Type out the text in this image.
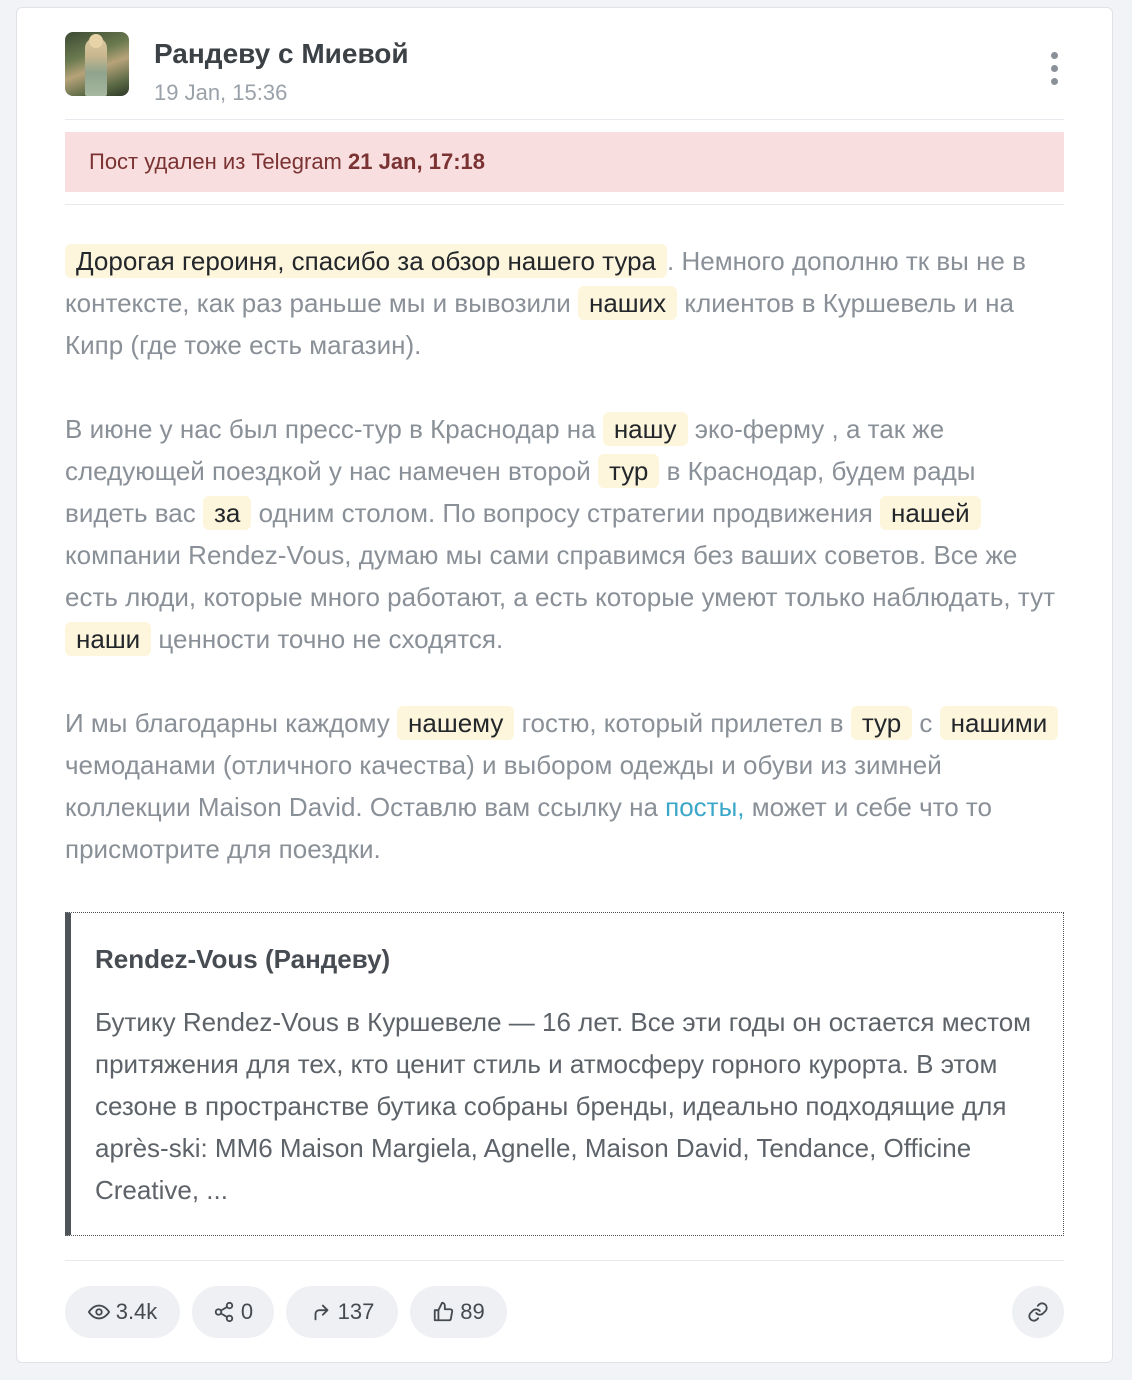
Рандеву с Миевой
19 Jan, 15:36
Пост удален из Telegram 21 Jan, 17:18

Дорогая героиня, спасибо за обзор нашего тура . Немного дополню тк вы не в контексте, как раз раньше мы и вывозили наших клиентов в Куршевель и на Кипр (где тоже есть магазин).

В июне у нас был пресс-тур в Краснодар на нашу эко-ферму , а так же следующей поездкой у нас намечен второй тур в Краснодар, будем рады видеть вас за одним столом. По вопросу стратегии продвижения нашей компании Rendez-Vous, думаю мы сами справимся без ваших советов. Все же есть люди, которые много работают, а есть которые умеют только наблюдать, тут наши ценности точно не сходятся.

И мы благодарны каждому нашему гостю, который прилетел в тур с нашими чемоданами (отличного качества) и выбором одежды и обуви из зимней коллекции Maison David. Оставлю вам ссылку на посты, может и себе что то присмотрите для поездки.

Rendez-Vous (Рандеву)
Бутику Rendez-Vous в Куршевеле — 16 лет. Все эти годы он остается местом притяжения для тех, кто ценит стиль и атмосферу горного курорта. В этом сезоне в пространстве бутика собраны бренды, идеально подходящие для après-ski: MM6 Maison Margiela, Agnelle, Maison David, Tendance, Officine Creative, ...
3.4k	0	137	89
